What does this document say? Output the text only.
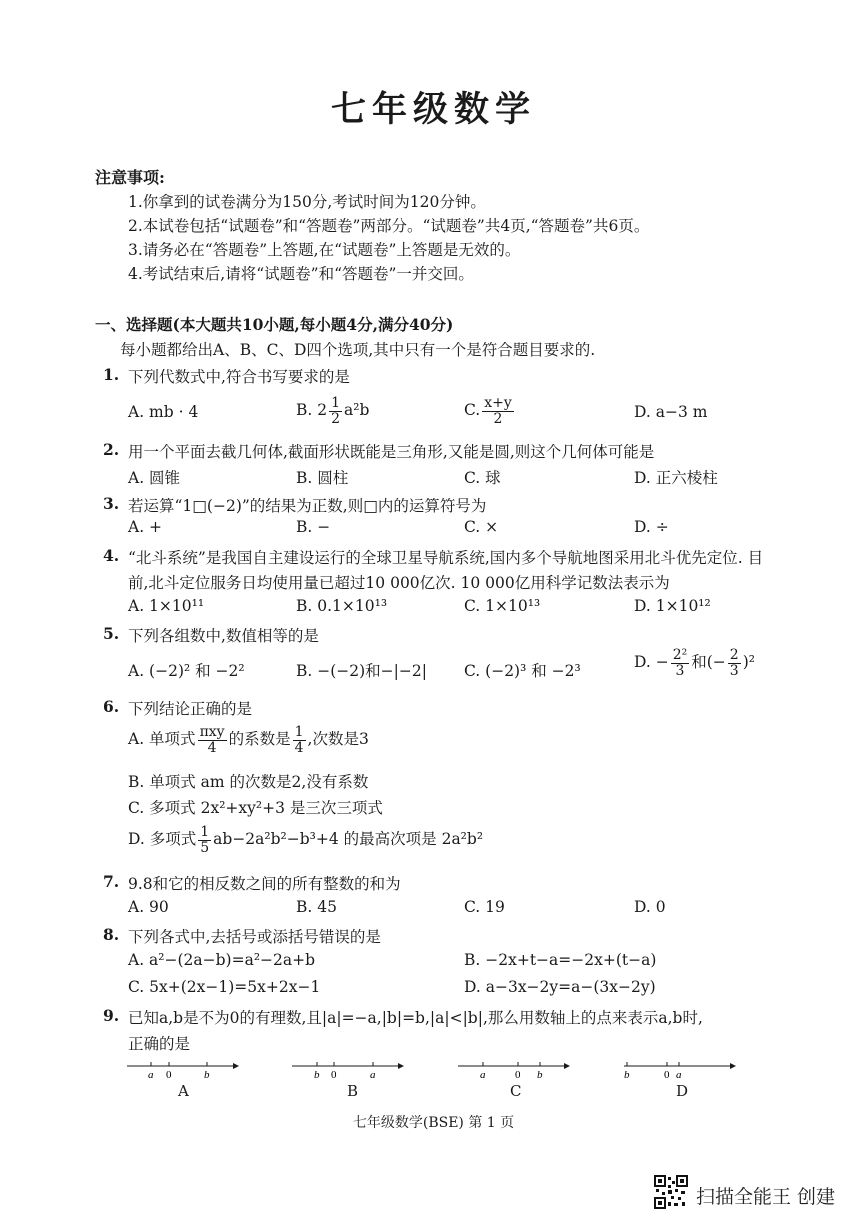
七年级数学
注意事项:
1.你拿到的试卷满分为150分,考试时间为120分钟。
2.本试卷包括“试题卷”和“答题卷”两部分。“试题卷”共4页,“答题卷”共6页。
3.请务必在“答题卷”上答题,在“试题卷”上答题是无效的。
4.考试结束后,请将“试题卷”和“答题卷”一并交回。
一、选择题(本大题共10小题,每小题4分,满分40分)
每小题都给出A、B、C、D四个选项,其中只有一个是符合题目要求的.
1. 下列代数式中,符合书写要求的是
A. mb · 4	B. $2 \frac{1}{2} a^2b$	C. $\frac{x+y}{2}$	D. a−3 m
2. 用一个平面去截几何体,截面形状既能是三角形,又能是圆,则这个几何体可能是
A. 圆锥	B. 圆柱	C. 球	D. 正六棱柱
3. 若运算“1□(−2)”的结果为正数,则□内的运算符号为
A. +	B. −	C. ×	D. ÷
4. “北斗系统”是我国自主建设运行的全球卫星导航系统,国内多个导航地图采用北斗优先定位. 目
前,北斗定位服务日均使用量已超过10 000亿次. 10 000亿用科学记数法表示为
A. 1×10¹¹	B. 0.1×10¹³	C. 1×10¹³	D. 1×10¹²
5. 下列各组数中,数值相等的是
A. (−2)² 和 −2²	B. −(−2)和−|−2| C. (−2)³ 和 −2³	D. − $\frac{\text{2²}}{3}$ 和(− $\frac{2}{3} )^2$
6. 下列结论正确的是
A. 单项式 $\frac{\text{πxy}}{4}$ 的系数是 $\frac{1}{4}$ ,次数是3
B. 单项式 am 的次数是2,没有系数
C. 多项式 2x²+xy²+3 是三次三项式
D. 多项式 $\frac{1}{5} ab-2a^2b^2-b^3+4$ 的最高次项是 2a²b²
7. 9.8和它的相反数之间的所有整数的和为
A. 90	B. 45	C. 19	D. 0
8. 下列各式中,去括号或添括号错误的是
A. a²−(2a−b)=a²−2a+b	B. −2x+t−a=−2x+(t−a)
C. 5x+(2x−1)=5x+2x−1	D. a−3x−2y=a−(3x−2y)
9. 已知a,b是不为0的有理数,且|a|=−a,|b|=b,|a|<|b|,那么用数轴上的点来表示a,b时,
正确的是
a 0	b
A
b 0	a
B
a	0 b
C
b	0 a
D
七年级数学(BSE) 第 1 页
扫描全能王 创建
